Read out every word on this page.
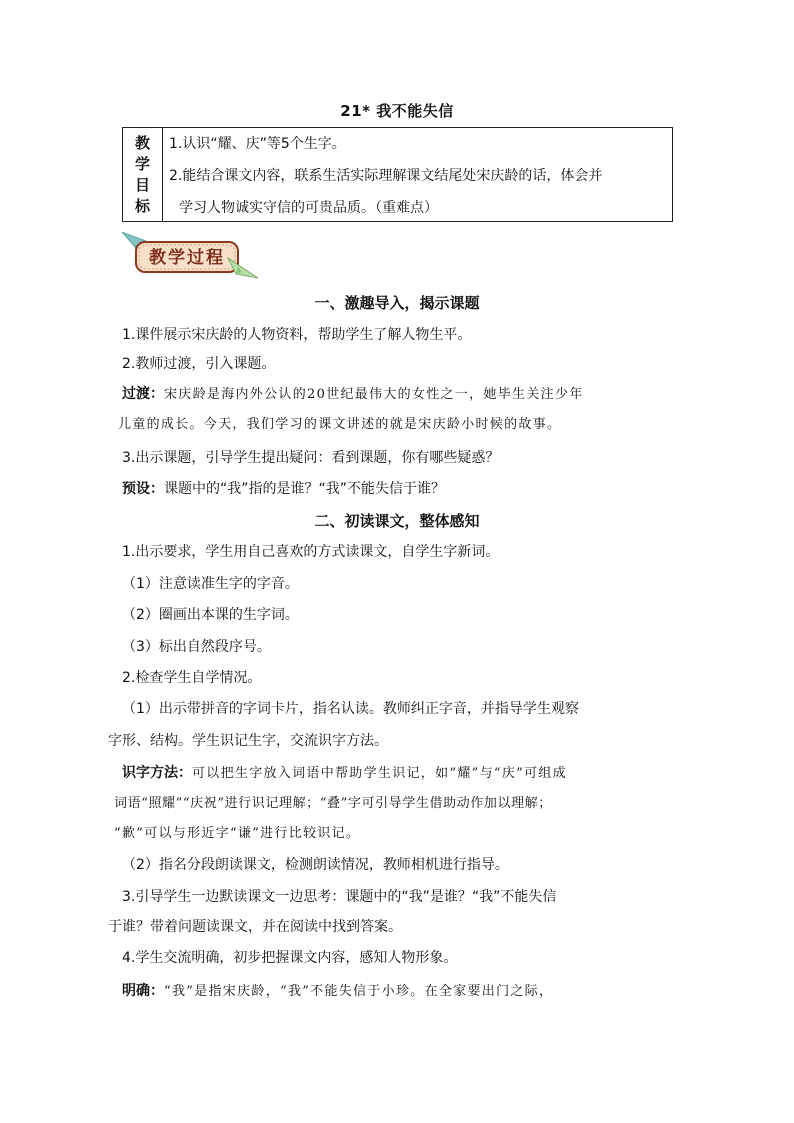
21* 我不能失信
教
学
目
标
1.认识“耀、庆”等5个生字。
2.能结合课文内容，联系生活实际理解课文结尾处宋庆龄的话，体会并
学习人物诚实守信的可贵品质。（重难点）
教学过程
一、激趣导入，揭示课题
1.课件展示宋庆龄的人物资料，帮助学生了解人物生平。
2.教师过渡，引入课题。
过渡：宋庆龄是海内外公认的20世纪最伟大的女性之一，她毕生关注少年
儿童的成长。今天，我们学习的课文讲述的就是宋庆龄小时候的故事。
3.出示课题，引导学生提出疑问：看到课题，你有哪些疑惑？
预设：课题中的“我”指的是谁？“我”不能失信于谁？
二、初读课文，整体感知
1.出示要求，学生用自己喜欢的方式读课文，自学生字新词。
（1）注意读准生字的字音。
（2）圈画出本课的生字词。
（3）标出自然段序号。
2.检查学生自学情况。
（1）出示带拼音的字词卡片，指名认读。教师纠正字音，并指导学生观察
字形、结构。学生识记生字，交流识字方法。
识字方法：可以把生字放入词语中帮助学生识记，如“耀”与“庆”可组成
词语“照耀”“庆祝”进行识记理解；“叠”字可引导学生借助动作加以理解；
“歉”可以与形近字“谦”进行比较识记。
（2）指名分段朗读课文，检测朗读情况，教师相机进行指导。
3.引导学生一边默读课文一边思考：课题中的“我”是谁？“我”不能失信
于谁？带着问题读课文，并在阅读中找到答案。
4.学生交流明确，初步把握课文内容，感知人物形象。
明确：“我”是指宋庆龄，“我”不能失信于小珍。在全家要出门之际，
